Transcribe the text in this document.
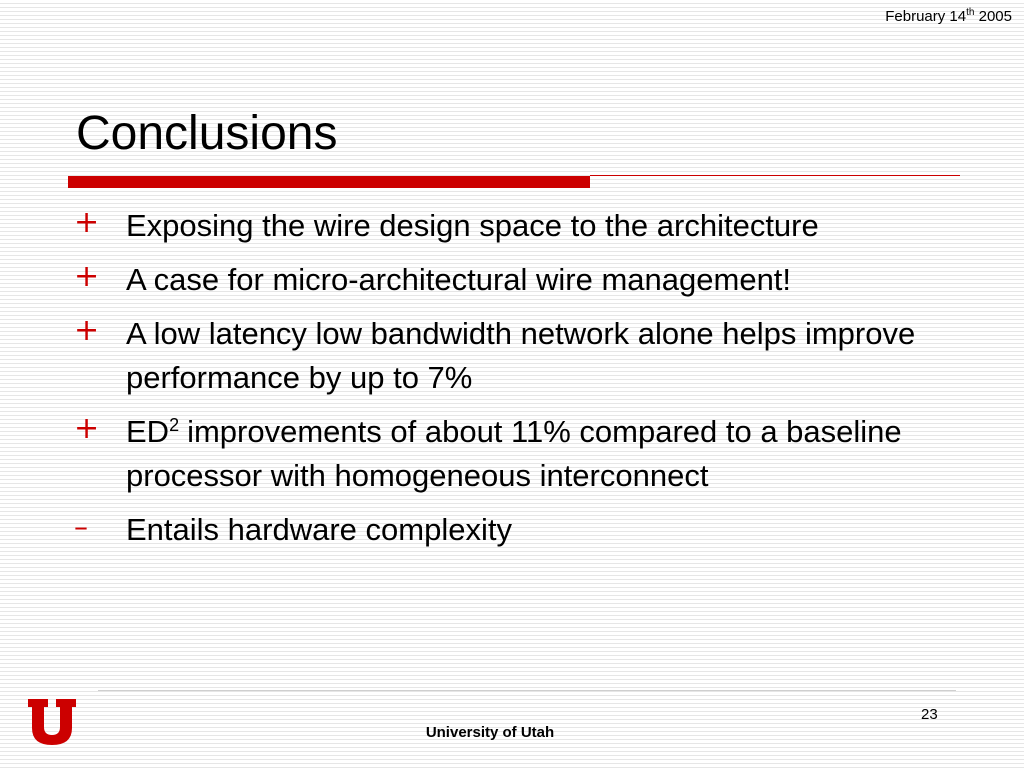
February 14th 2005
Conclusions
+ Exposing the wire design space to the architecture
+ A case for micro-architectural wire management!
+ A low latency low bandwidth network alone helps improve performance by up to 7%
+ $ED^2$ improvements of about 11% compared to a baseline processor with homogeneous interconnect
–	Entails hardware complexity
23
University of Utah
